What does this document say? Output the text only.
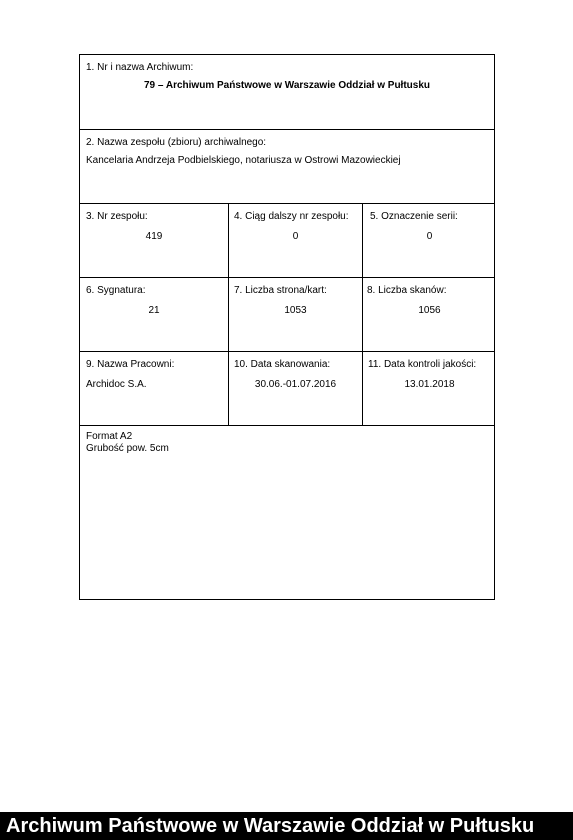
1. Nr i nazwa Archiwum:
79 – Archiwum Państwowe w Warszawie Oddział w Pułtusku
2. Nazwa zespołu (zbioru) archiwalnego:
Kancelaria Andrzeja Podbielskiego, notariusza w Ostrowi Mazowieckiej
3. Nr zespołu:
419
4. Ciąg dalszy nr zespołu:
0
5. Oznaczenie serii:
0
6. Sygnatura:
21
7. Liczba strona/kart:
1053
8. Liczba skanów:
1056
9. Nazwa Pracowni:
Archidoc S.A.
10. Data skanowania:
30.06.-01.07.2016
11. Data kontroli jakości:
13.01.2018
Format A2
Grubość pow. 5cm
Archiwum Państwowe w Warszawie Oddział w Pułtusku
